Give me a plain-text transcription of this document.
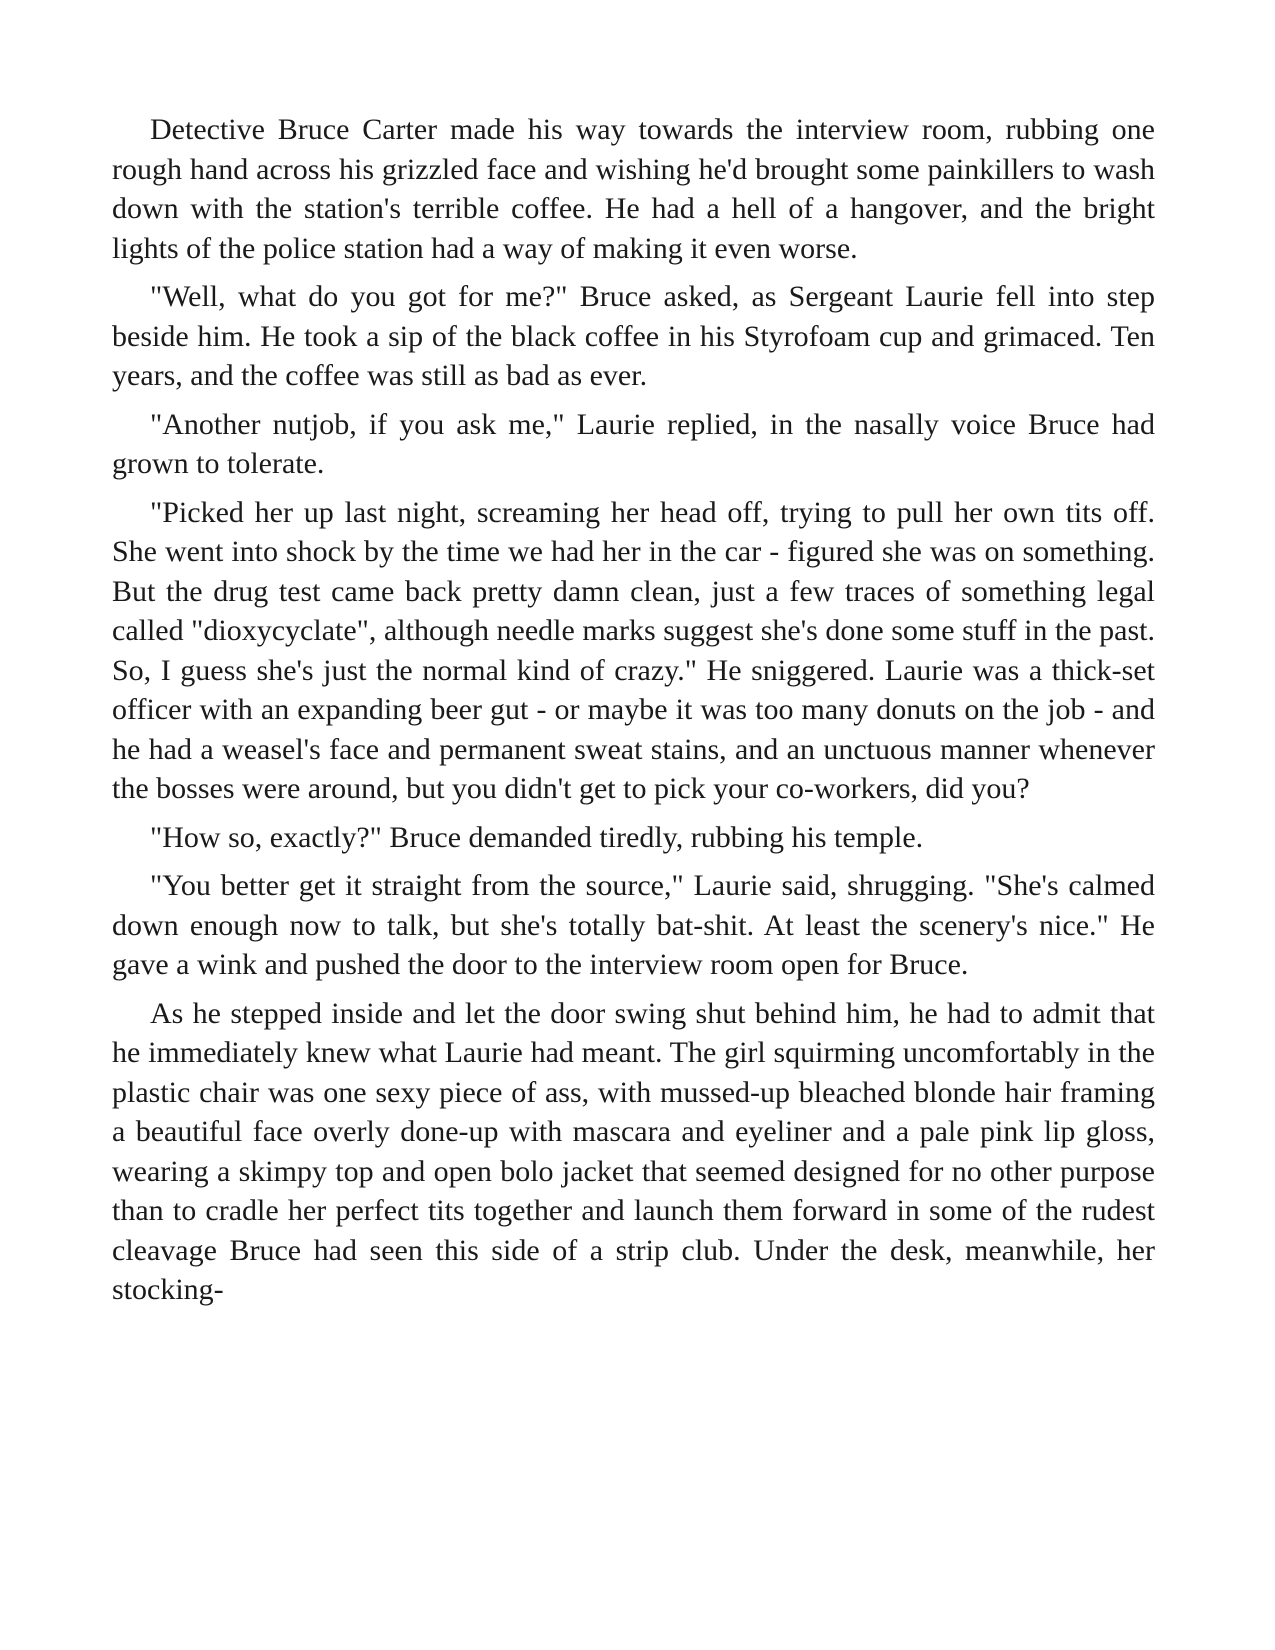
Detective Bruce Carter made his way towards the interview room, rubbing one rough hand across his grizzled face and wishing he'd brought some painkillers to wash down with the station's terrible coffee. He had a hell of a hangover, and the bright lights of the police station had a way of making it even worse.

"Well, what do you got for me?" Bruce asked, as Sergeant Laurie fell into step beside him. He took a sip of the black coffee in his Styrofoam cup and grimaced. Ten years, and the coffee was still as bad as ever.

"Another nutjob, if you ask me," Laurie replied, in the nasally voice Bruce had grown to tolerate.

"Picked her up last night, screaming her head off, trying to pull her own tits off. She went into shock by the time we had her in the car - figured she was on something. But the drug test came back pretty damn clean, just a few traces of something legal called "dioxycyclate", although needle marks suggest she's done some stuff in the past. So, I guess she's just the normal kind of crazy." He sniggered. Laurie was a thick-set officer with an expanding beer gut - or maybe it was too many donuts on the job - and he had a weasel's face and permanent sweat stains, and an unctuous manner whenever the bosses were around, but you didn't get to pick your co-workers, did you?

"How so, exactly?" Bruce demanded tiredly, rubbing his temple.

"You better get it straight from the source," Laurie said, shrugging. "She's calmed down enough now to talk, but she's totally bat-shit. At least the scenery's nice." He gave a wink and pushed the door to the interview room open for Bruce.

As he stepped inside and let the door swing shut behind him, he had to admit that he immediately knew what Laurie had meant. The girl squirming uncomfortably in the plastic chair was one sexy piece of ass, with mussed-up bleached blonde hair framing a beautiful face overly done-up with mascara and eyeliner and a pale pink lip gloss, wearing a skimpy top and open bolo jacket that seemed designed for no other purpose than to cradle her perfect tits together and launch them forward in some of the rudest cleavage Bruce had seen this side of a strip club. Under the desk, meanwhile, her stocking-
